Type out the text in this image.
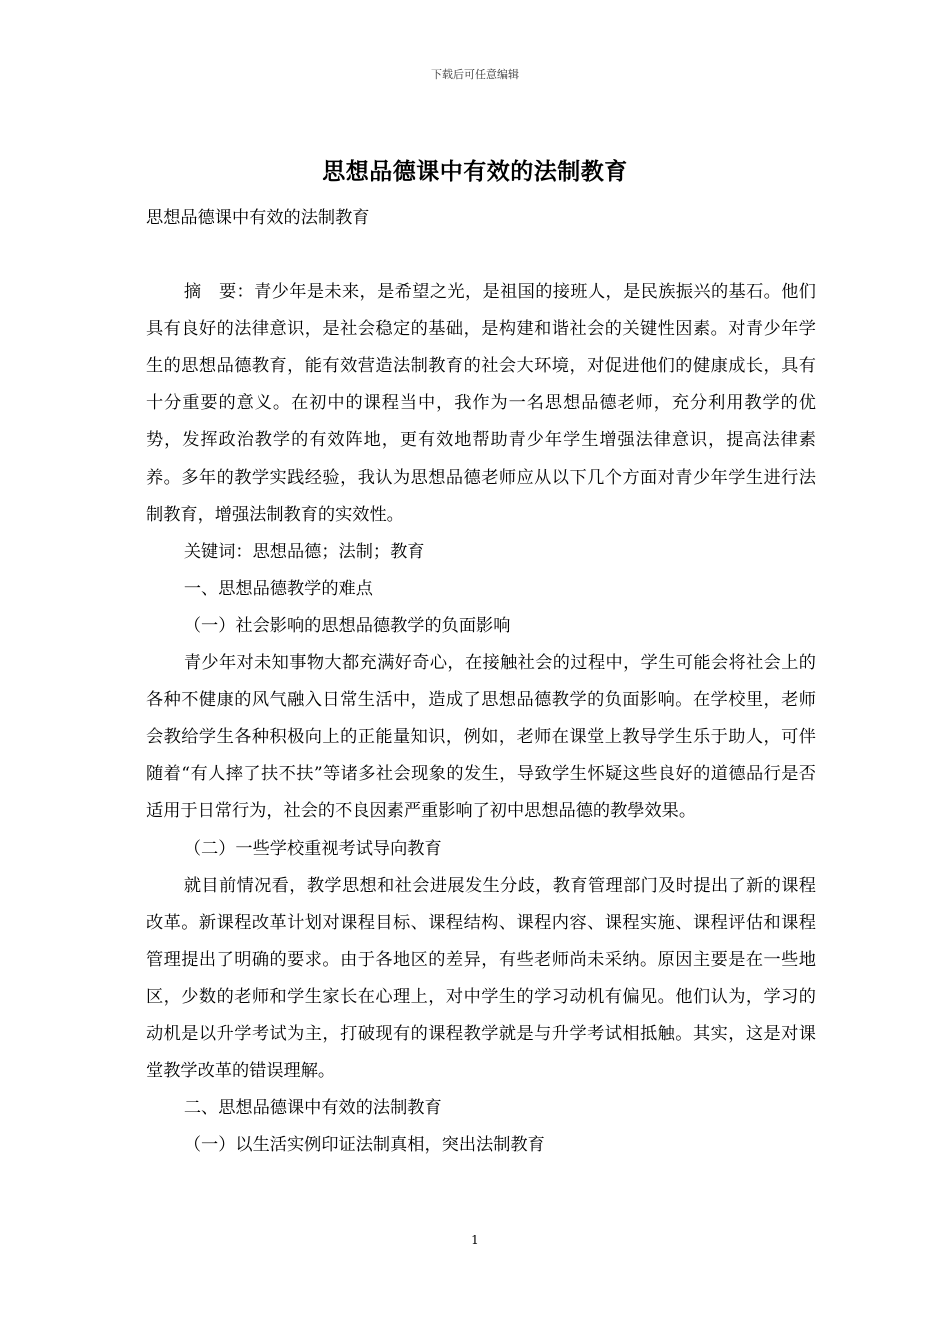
下载后可任意编辑
思想品德课中有效的法制教育

思想品德课中有效的法制教育

摘　要：青少年是未来，是希望之光，是祖国的接班人，是民族振兴的基石。他们具有良好的法律意识，是社会稳定的基础，是构建和谐社会的关键性因素。对青少年学生的思想品德教育，能有效营造法制教育的社会大环境，对促进他们的健康成长，具有十分重要的意义。在初中的课程当中，我作为一名思想品德老师，充分利用教学的优势，发挥政治教学的有效阵地，更有效地帮助青少年学生增强法律意识，提高法律素养。多年的教学实践经验，我认为思想品德老师应从以下几个方面对青少年学生进行法制教育，增强法制教育的实效性。

关键词：思想品德；法制；教育

一、思想品德教学的难点

（一）社会影响的思想品德教学的负面影响

青少年对未知事物大都充满好奇心，在接触社会的过程中，学生可能会将社会上的各种不健康的风气融入日常生活中，造成了思想品德教学的负面影响。在学校里，老师会教给学生各种积极向上的正能量知识，例如，老师在课堂上教导学生乐于助人，可伴随着“有人摔了扶不扶”等诸多社会现象的发生，导致学生怀疑这些良好的道德品行是否适用于日常行为，社会的不良因素严重影响了初中思想品德的教學效果。

（二）一些学校重视考试导向教育

就目前情况看，教学思想和社会进展发生分歧，教育管理部门及时提出了新的课程改革。新课程改革计划对课程目标、课程结构、课程内容、课程实施、课程评估和课程管理提出了明确的要求。由于各地区的差异，有些老师尚未采纳。原因主要是在一些地区，少数的老师和学生家长在心理上，对中学生的学习动机有偏见。他们认为，学习的动机是以升学考试为主，打破现有的课程教学就是与升学考试相抵触。其实，这是对课堂教学改革的错误理解。

二、思想品德课中有效的法制教育

（一）以生活实例印证法制真相，突出法制教育

1
